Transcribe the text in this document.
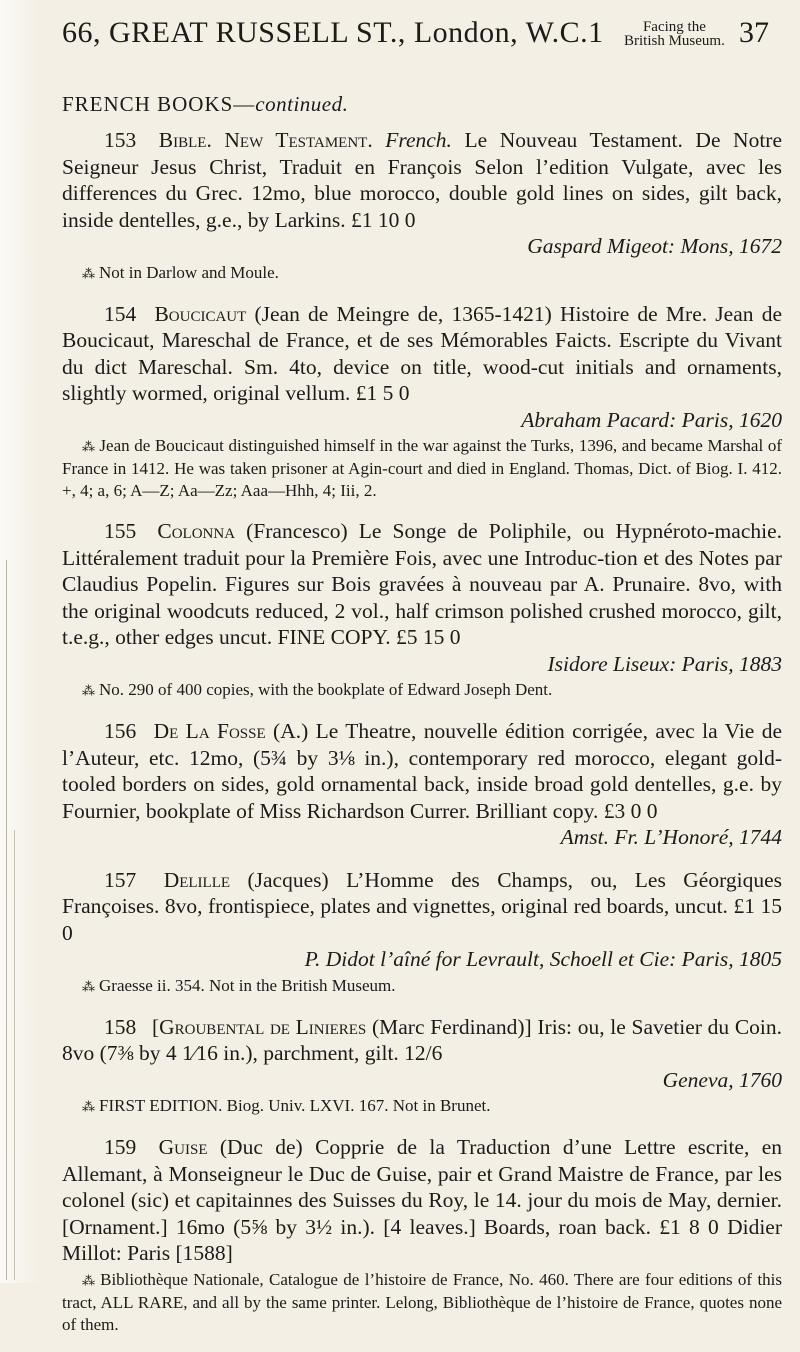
66, GREAT RUSSELL ST., London, W.C.1	Facing the
British Museum. 37
FRENCH BOOKS—continued.

153 Bible. New Testament. French. Le Nouveau Testament. De Notre Seigneur Jesus Christ, Traduit en François Selon l’edition Vulgate, avec les differences du Grec. 12mo, blue morocco, double gold lines on sides, gilt back, inside dentelles, g.e., by Larkins. £1 10 0

Gaspard Migeot: Mons, 1672

⁂ Not in Darlow and Moule.

154 Boucicaut (Jean de Meingre de, 1365-1421) Histoire de Mre. Jean de Boucicaut, Mareschal de France, et de ses Mémorables Faicts. Escripte du Vivant du dict Mareschal. Sm. 4to, device on title, wood-cut initials and ornaments, slightly wormed, original vellum. £1 5 0

Abraham Pacard: Paris, 1620

⁂ Jean de Boucicaut distinguished himself in the war against the Turks, 1396, and became Marshal of France in 1412. He was taken prisoner at Agin-court and died in England. Thomas, Dict. of Biog. I. 412. +, 4; a, 6; A—Z; Aa—Zz; Aaa—Hhh, 4; Iii, 2.

155 Colonna (Francesco) Le Songe de Poliphile, ou Hypnéroto-machie. Littéralement traduit pour la Première Fois, avec une Introduc-tion et des Notes par Claudius Popelin. Figures sur Bois gravées à nouveau par A. Prunaire. 8vo, with the original woodcuts reduced, 2 vol., half crimson polished crushed morocco, gilt, t.e.g., other edges uncut. FINE COPY. £5 15 0

Isidore Liseux: Paris, 1883

⁂ No. 290 of 400 copies, with the bookplate of Edward Joseph Dent.

156 De La Fosse (A.) Le Theatre, nouvelle édition corrigée, avec la Vie de l’Auteur, etc. 12mo, (5¾ by 3⅛ in.), contemporary red morocco, elegant gold-tooled borders on sides, gold ornamental back, inside broad gold dentelles, g.e. by Fournier, bookplate of Miss Richardson Currer. Brilliant copy. £3 0 0

Amst. Fr. L’Honoré, 1744

157 Delille (Jacques) L’Homme des Champs, ou, Les Géorgiques Françoises. 8vo, frontispiece, plates and vignettes, original red boards, uncut. £1 15 0

P. Didot l’aîné for Levrault, Schoell et Cie: Paris, 1805

⁂ Graesse ii. 354. Not in the British Museum.

158 [Groubental de Linieres (Marc Ferdinand)] Iris: ou, le Savetier du Coin. 8vo (7⅜ by 4 1⁄16 in.), parchment, gilt. 12/6

Geneva, 1760

⁂ FIRST EDITION. Biog. Univ. LXVI. 167. Not in Brunet.

159 Guise (Duc de) Copprie de la Traduction d’une Lettre escrite, en Allemant, à Monseigneur le Duc de Guise, pair et Grand Maistre de France, par les colonel (sic) et capitainnes des Suisses du Roy, le 14. jour du mois de May, dernier. [Ornament.] 16mo (5⅝ by 3½ in.). [4 leaves.] Boards, roan back. £1 8 0 Didier Millot: Paris [1588]

⁂ Bibliothèque Nationale, Catalogue de l’histoire de France, No. 460. There are four editions of this tract, ALL RARE, and all by the same printer. Lelong, Bibliothèque de l’histoire de France, quotes none of them.
